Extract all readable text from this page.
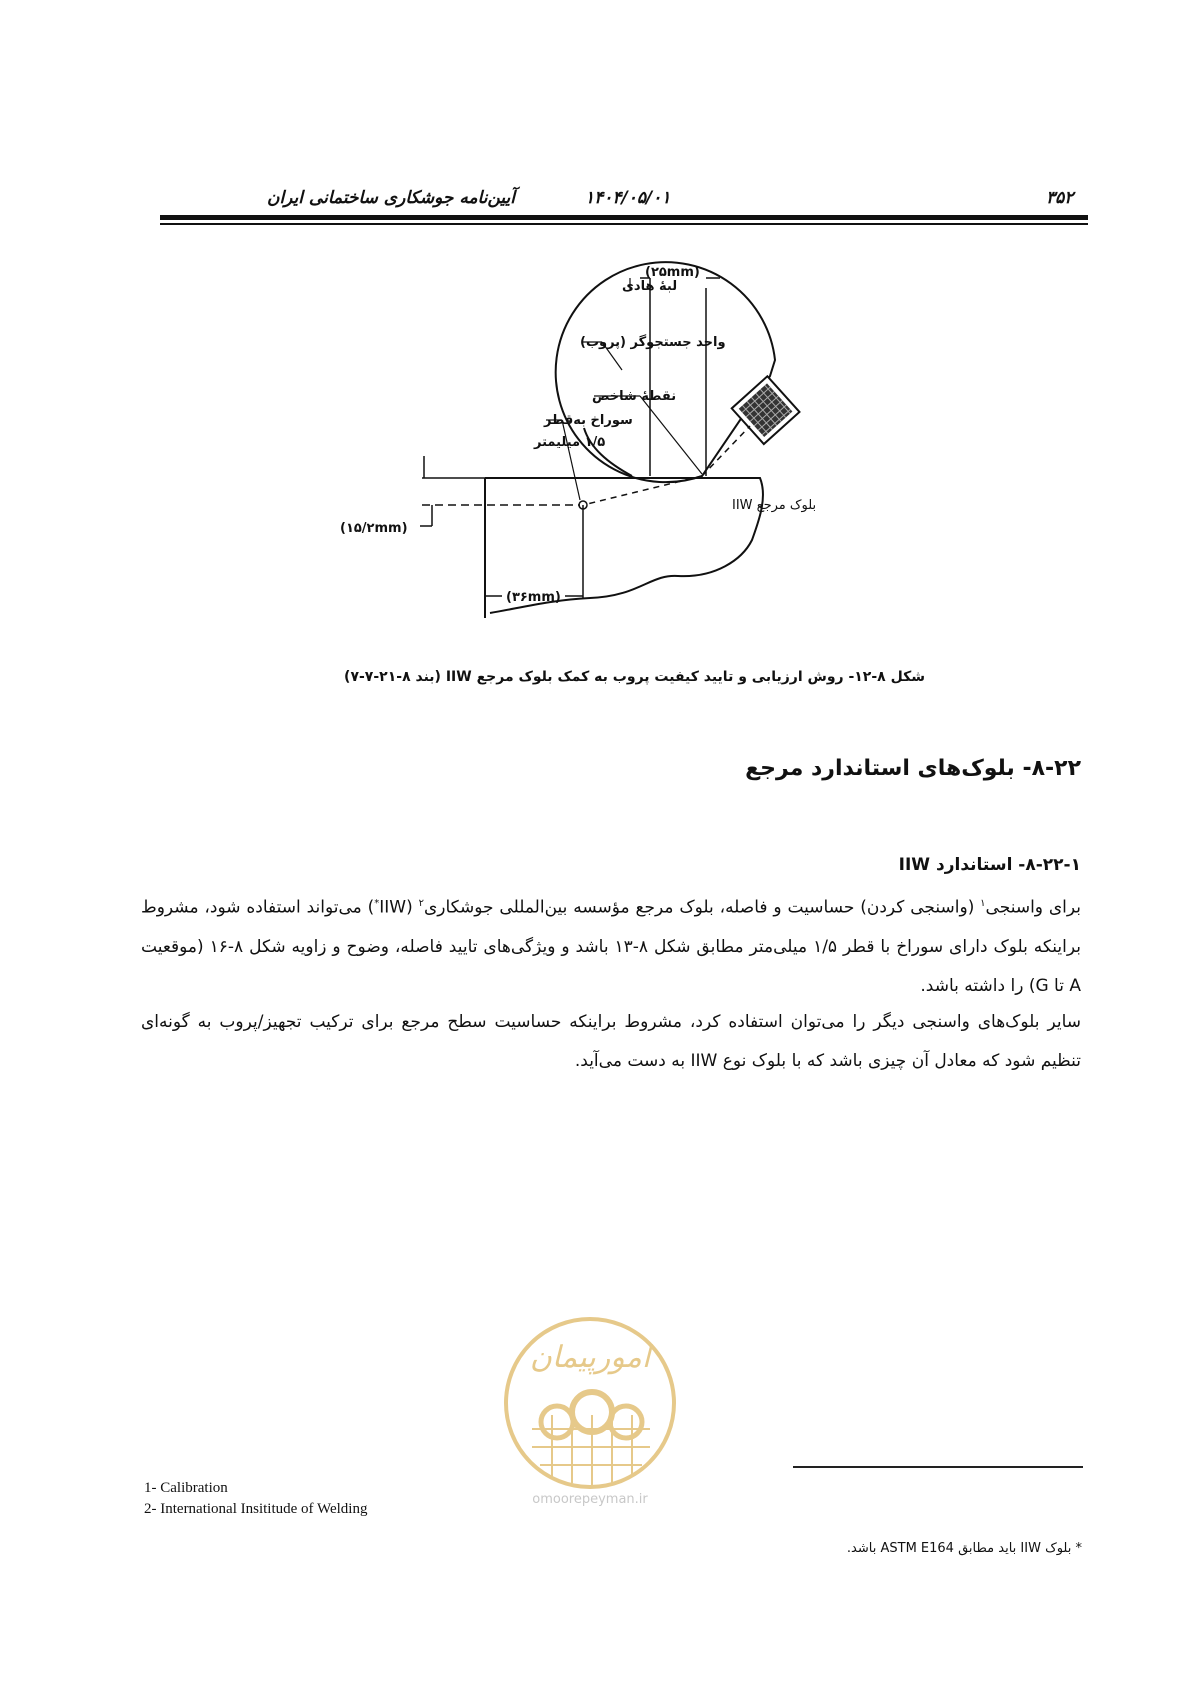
آیین‌نامه جوشکاری ساختمانی ایران	۱۴۰۴/۰۵/۰۱	۳۵۲
(۲۵mm)
لبهٔ هادی
واحد جستجوگر (پروب)
نقطهٔ شاخص
سوراخ به‌قطر
۱/۵ میلیمتر
بلوک مرجع IIW
(۱۵/۲mm)
(۳۶mm)
شکل ۸-۱۲- روش ارزیابی و تایید کیفیت پروب به کمک بلوک مرجع IIW (بند ۸-۲۱-۷-۷)
۸-۲۲- بلوک‌های استاندارد مرجع
۸-۲۲-۱- استاندارد IIW
برای واسنجی$^۱$ (واسنجی کردن) حساسیت و فاصله، بلوک مرجع مؤسسه بین‌المللی جوشکاری$^۲$ (IIW*) می‌تواند استفاده شود، مشروط براینکه بلوک دارای سوراخ با قطر ۱/۵ میلی‌متر مطابق شکل ۸-۱۳ باشد و ویژگی‌های تایید فاصله، وضوح و زاویه شکل ۸-۱۶ (موقعیت A تا G) را داشته باشد.
سایر بلوک‌های واسنجی دیگر را می‌توان استفاده کرد، مشروط براینکه حساسیت سطح مرجع برای ترکیب تجهیز/پروب به گونه‌ای تنظیم شود که معادل آن چیزی باشد که با بلوک نوع IIW به دست می‌آید.
امورپیمان
omoorepeyman.ir
1- Calibration
2- International Insititude of Welding
* بلوک IIW باید مطابق ASTM E164 باشد.
